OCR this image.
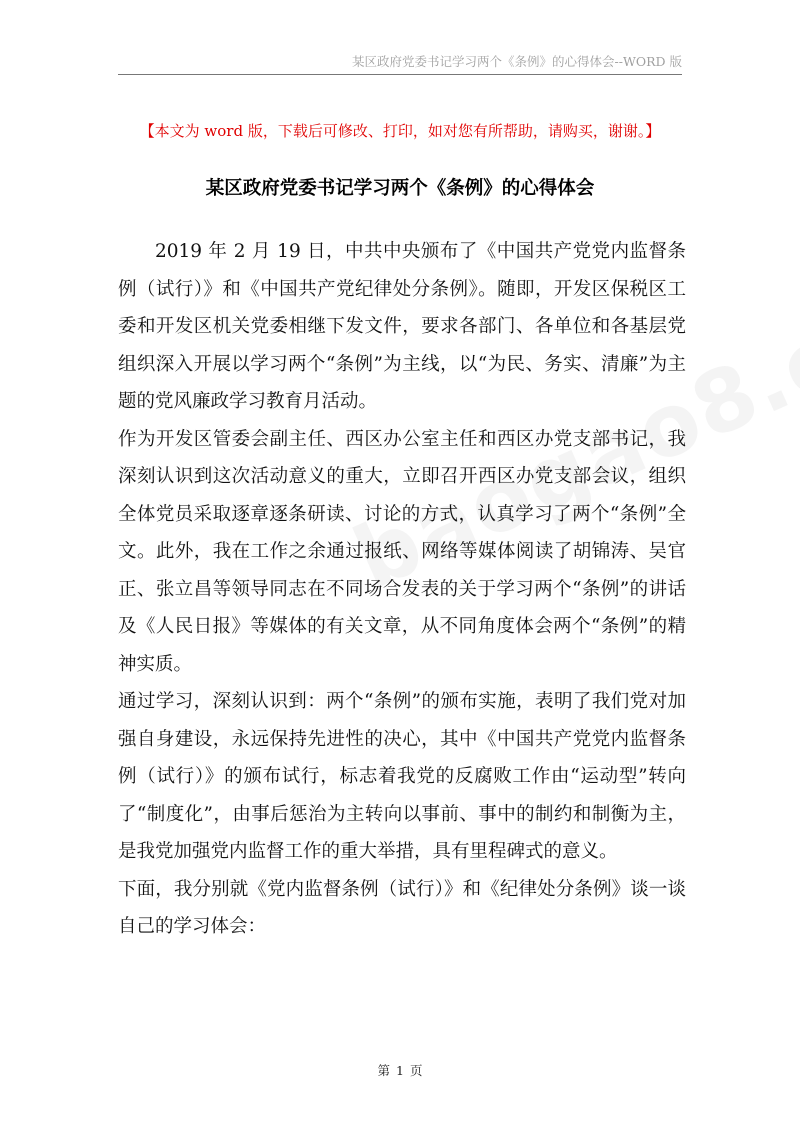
某区政府党委书记学习两个《条例》的心得体会--WORD 版
【本文为 word 版，下载后可修改、打印，如对您有所帮助，请购买，谢谢。】
某区政府党委书记学习两个《条例》的心得体会

2019 年 2 月 19 日，中共中央颁布了《中国共产党党内监督条例（试行）》和《中国共产党纪律处分条例》。随即，开发区保税区工委和开发区机关党委相继下发文件，要求各部门、各单位和各基层党组织深入开展以学习两个“条例”为主线，以“为民、务实、清廉”为主题的党风廉政学习教育月活动。

作为开发区管委会副主任、西区办公室主任和西区办党支部书记，我深刻认识到这次活动意义的重大，立即召开西区办党支部会议，组织全体党员采取逐章逐条研读、讨论的方式，认真学习了两个“条例”全文。此外，我在工作之余通过报纸、网络等媒体阅读了胡锦涛、吴官正、张立昌等领导同志在不同场合发表的关于学习两个“条例”的讲话及《人民日报》等媒体的有关文章，从不同角度体会两个“条例”的精神实质。

通过学习，深刻认识到：两个“条例”的颁布实施，表明了我们党对加强自身建设，永远保持先进性的决心，其中《中国共产党党内监督条例（试行）》的颁布试行，标志着我党的反腐败工作由“运动型”转向了“制度化”，由事后惩治为主转向以事前、事中的制约和制衡为主，是我党加强党内监督工作的重大举措，具有里程碑式的意义。

下面，我分别就《党内监督条例（试行）》和《纪律处分条例》谈一谈自己的学习体会：

第 1 页
